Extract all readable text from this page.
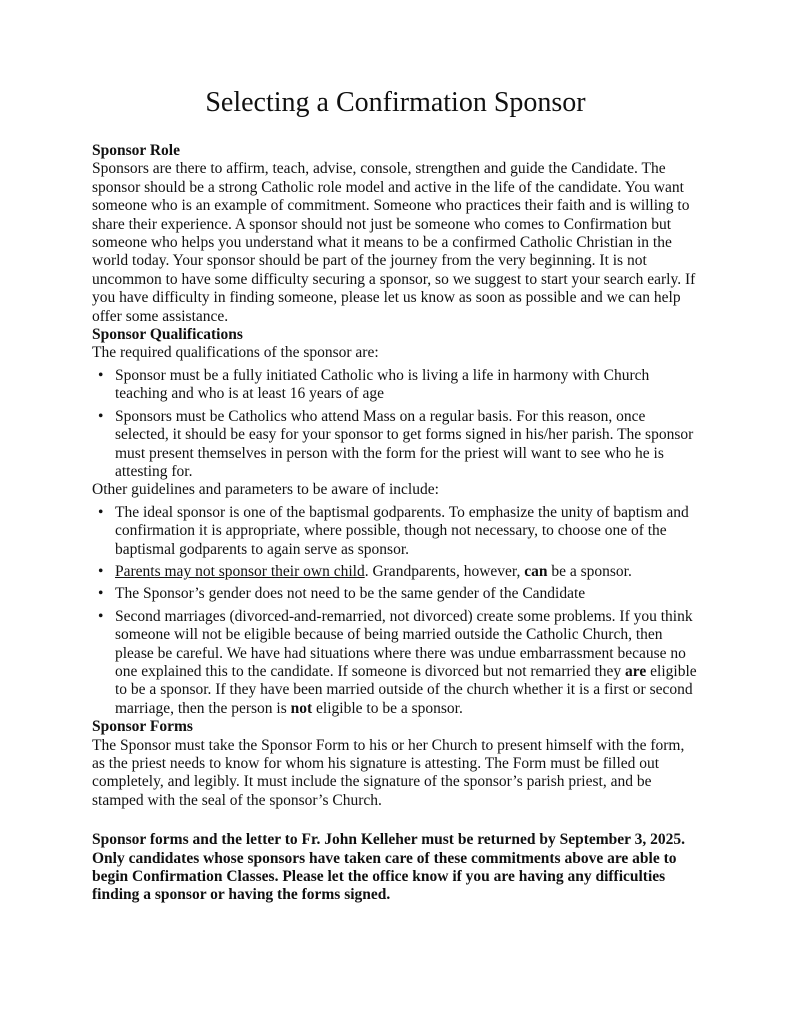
Selecting a Confirmation Sponsor
Sponsor Role

Sponsors are there to affirm, teach, advise, console, strengthen and guide the Candidate. The sponsor should be a strong Catholic role model and active in the life of the candidate. You want someone who is an example of commitment. Someone who practices their faith and is willing to share their experience. A sponsor should not just be someone who comes to Confirmation but someone who helps you understand what it means to be a confirmed Catholic Christian in the world today. Your sponsor should be part of the journey from the very beginning. It is not uncommon to have some difficulty securing a sponsor, so we suggest to start your search early. If you have difficulty in finding someone, please let us know as soon as possible and we can help offer some assistance.

Sponsor Qualifications

The required qualifications of the sponsor are:

• Sponsor must be a fully initiated Catholic who is living a life in harmony with Church teaching and who is at least 16 years of age
• Sponsors must be Catholics who attend Mass on a regular basis. For this reason, once selected, it should be easy for your sponsor to get forms signed in his/her parish. The sponsor must present themselves in person with the form for the priest will want to see who he is attesting for.

Other guidelines and parameters to be aware of include:

• The ideal sponsor is one of the baptismal godparents. To emphasize the unity of baptism and confirmation it is appropriate, where possible, though not necessary, to choose one of the baptismal godparents to again serve as sponsor.
• Parents may not sponsor their own child. Grandparents, however, can be a sponsor.
• The Sponsor’s gender does not need to be the same gender of the Candidate
• Second marriages (divorced-and-remarried, not divorced) create some problems. If you think someone will not be eligible because of being married outside the Catholic Church, then please be careful. We have had situations where there was undue embarrassment because no one explained this to the candidate. If someone is divorced but not remarried they are eligible to be a sponsor. If they have been married outside of the church whether it is a first or second marriage, then the person is not eligible to be a sponsor.
Sponsor Forms

The Sponsor must take the Sponsor Form to his or her Church to present himself with the form, as the priest needs to know for whom his signature is attesting. The Form must be filled out completely, and legibly. It must include the signature of the sponsor’s parish priest, and be stamped with the seal of the sponsor’s Church.

Sponsor forms and the letter to Fr. John Kelleher must be returned by September 3, 2025. Only candidates whose sponsors have taken care of these commitments above are able to begin Confirmation Classes. Please let the office know if you are having any difficulties finding a sponsor or having the forms signed.
